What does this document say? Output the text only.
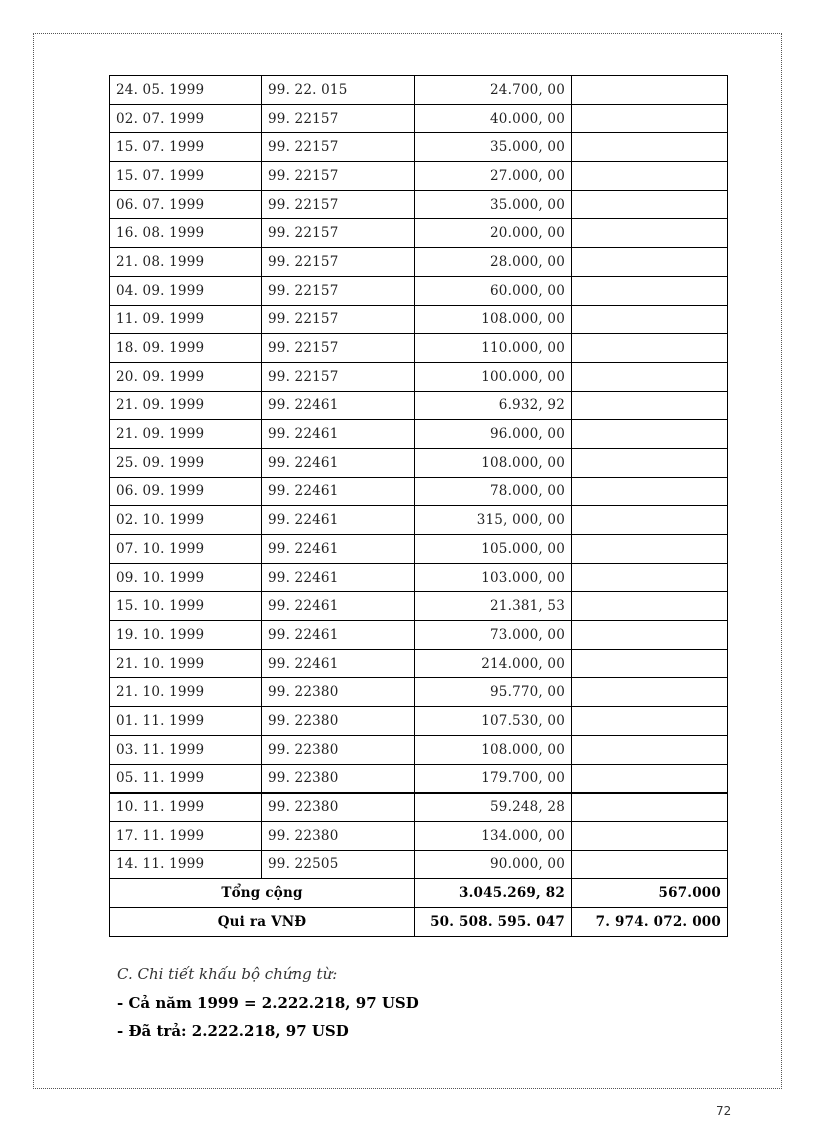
24. 05. 1999	99. 22. 015	24.700, 00	
02. 07. 1999	99. 22157	40.000, 00	
15. 07. 1999	99. 22157	35.000, 00	
15. 07. 1999	99. 22157	27.000, 00	
06. 07. 1999	99. 22157	35.000, 00	
16. 08. 1999	99. 22157	20.000, 00	
21. 08. 1999	99. 22157	28.000, 00	
04. 09. 1999	99. 22157	60.000, 00	
11. 09. 1999	99. 22157	108.000, 00	
18. 09. 1999	99. 22157	110.000, 00	
20. 09. 1999	99. 22157	100.000, 00	
21. 09. 1999	99. 22461	6.932, 92	
21. 09. 1999	99. 22461	96.000, 00	
25. 09. 1999	99. 22461	108.000, 00	
06. 09. 1999	99. 22461	78.000, 00	
02. 10. 1999	99. 22461	315, 000, 00	
07. 10. 1999	99. 22461	105.000, 00	
09. 10. 1999	99. 22461	103.000, 00	
15. 10. 1999	99. 22461	21.381, 53	
19. 10. 1999	99. 22461	73.000, 00	
21. 10. 1999	99. 22461	214.000, 00	
21. 10. 1999	99. 22380	95.770, 00	
01. 11. 1999	99. 22380	107.530, 00	
03. 11. 1999	99. 22380	108.000, 00	
05. 11. 1999	99. 22380	179.700, 00	
10. 11. 1999	99. 22380	59.248, 28	
17. 11. 1999	99. 22380	134.000, 00	
14. 11. 1999	99. 22505	90.000, 00	
Tổng cộng		3.045.269, 82	567.000
Qui ra VNĐ		50. 508. 595. 047	7. 974. 072. 000
C. Chi tiết khấu bộ chứng từ:
- Cả năm 1999 = 2.222.218, 97 USD
- Đã trả: 2.222.218, 97 USD
72
